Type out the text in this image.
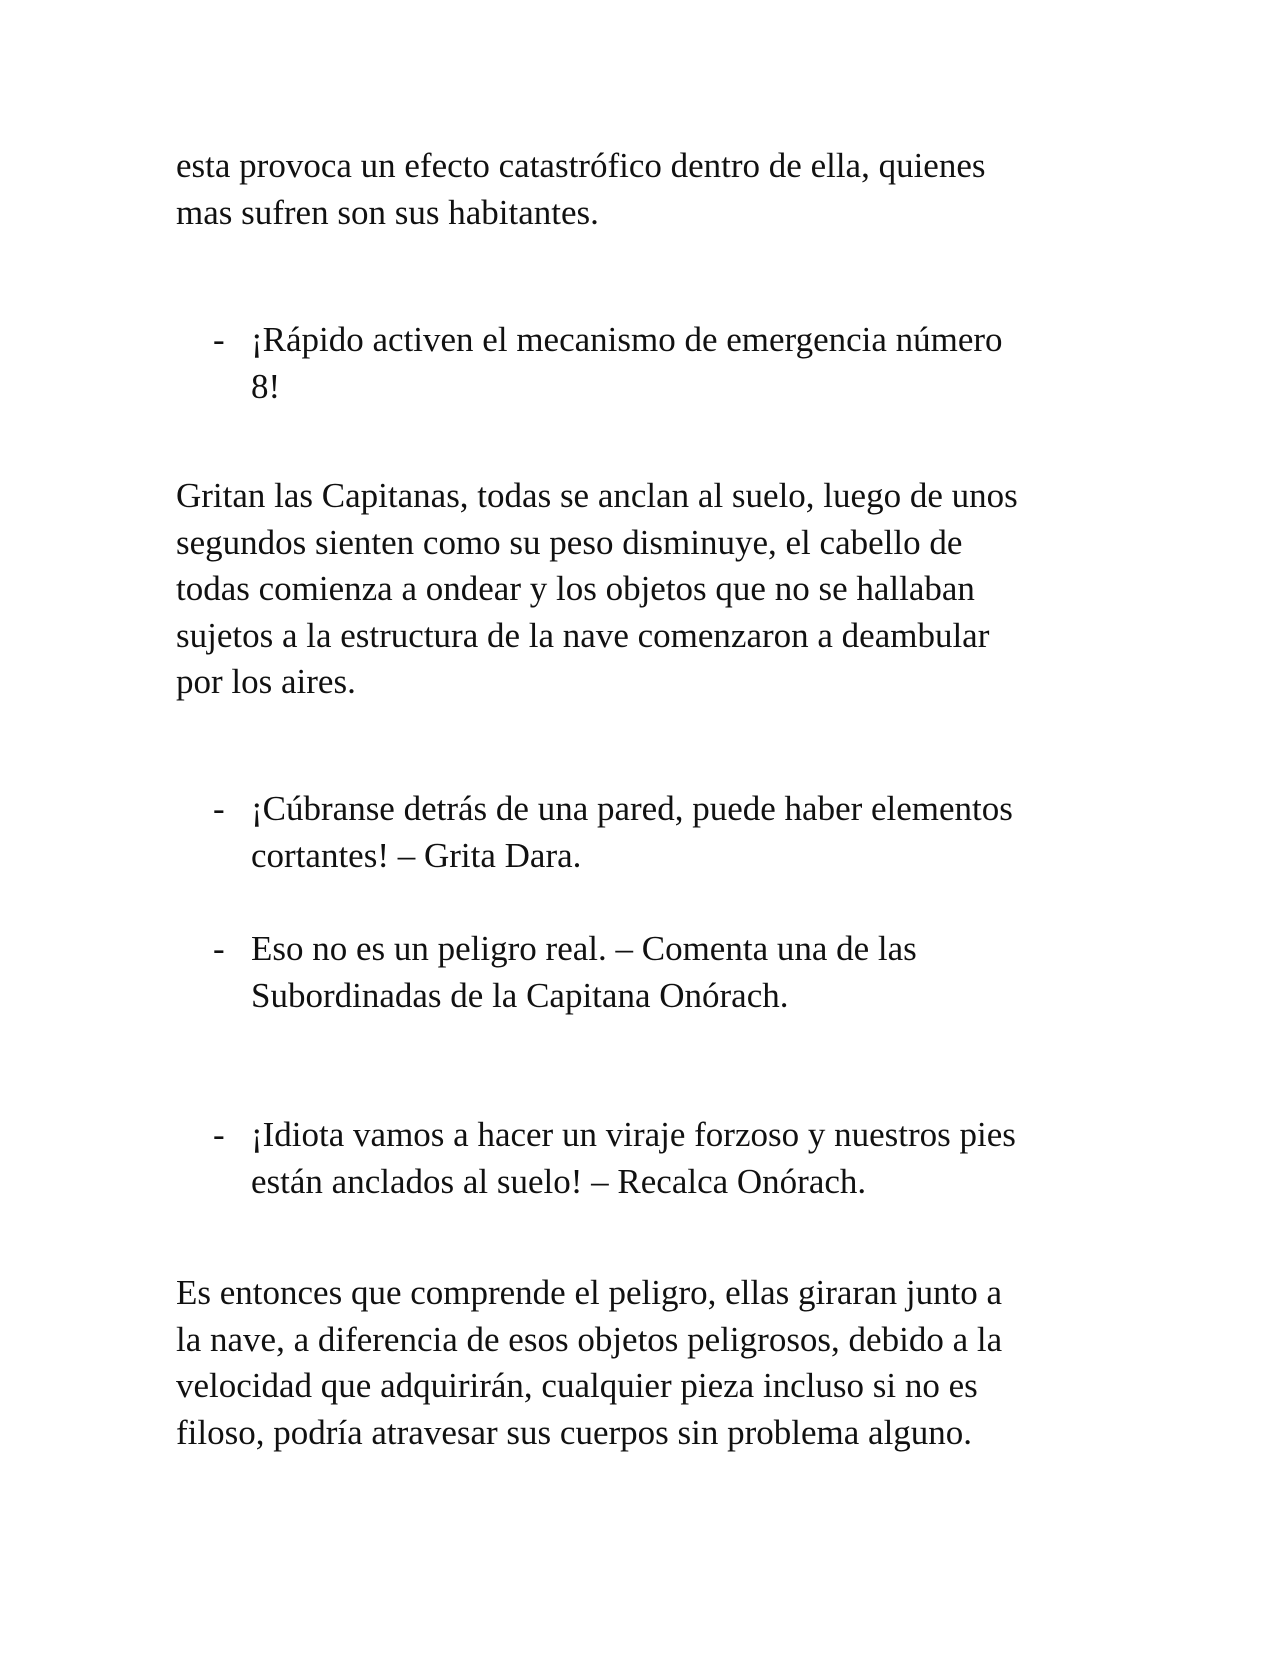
esta provoca un efecto catastrófico dentro de ella, quienes
mas sufren son sus habitantes.
- ¡Rápido activen el mecanismo de emergencia número
8!
Gritan las Capitanas, todas se anclan al suelo, luego de unos
segundos sienten como su peso disminuye, el cabello de
todas comienza a ondear y los objetos que no se hallaban
sujetos a la estructura de la nave comenzaron a deambular
por los aires.
- ¡Cúbranse detrás de una pared, puede haber elementos
cortantes! – Grita Dara.
- Eso no es un peligro real. – Comenta una de las
Subordinadas de la Capitana Onórach.
- ¡Idiota vamos a hacer un viraje forzoso y nuestros pies
están anclados al suelo! – Recalca Onórach.
Es entonces que comprende el peligro, ellas giraran junto a
la nave, a diferencia de esos objetos peligrosos, debido a la
velocidad que adquirirán, cualquier pieza incluso si no es
filoso, podría atravesar sus cuerpos sin problema alguno.
